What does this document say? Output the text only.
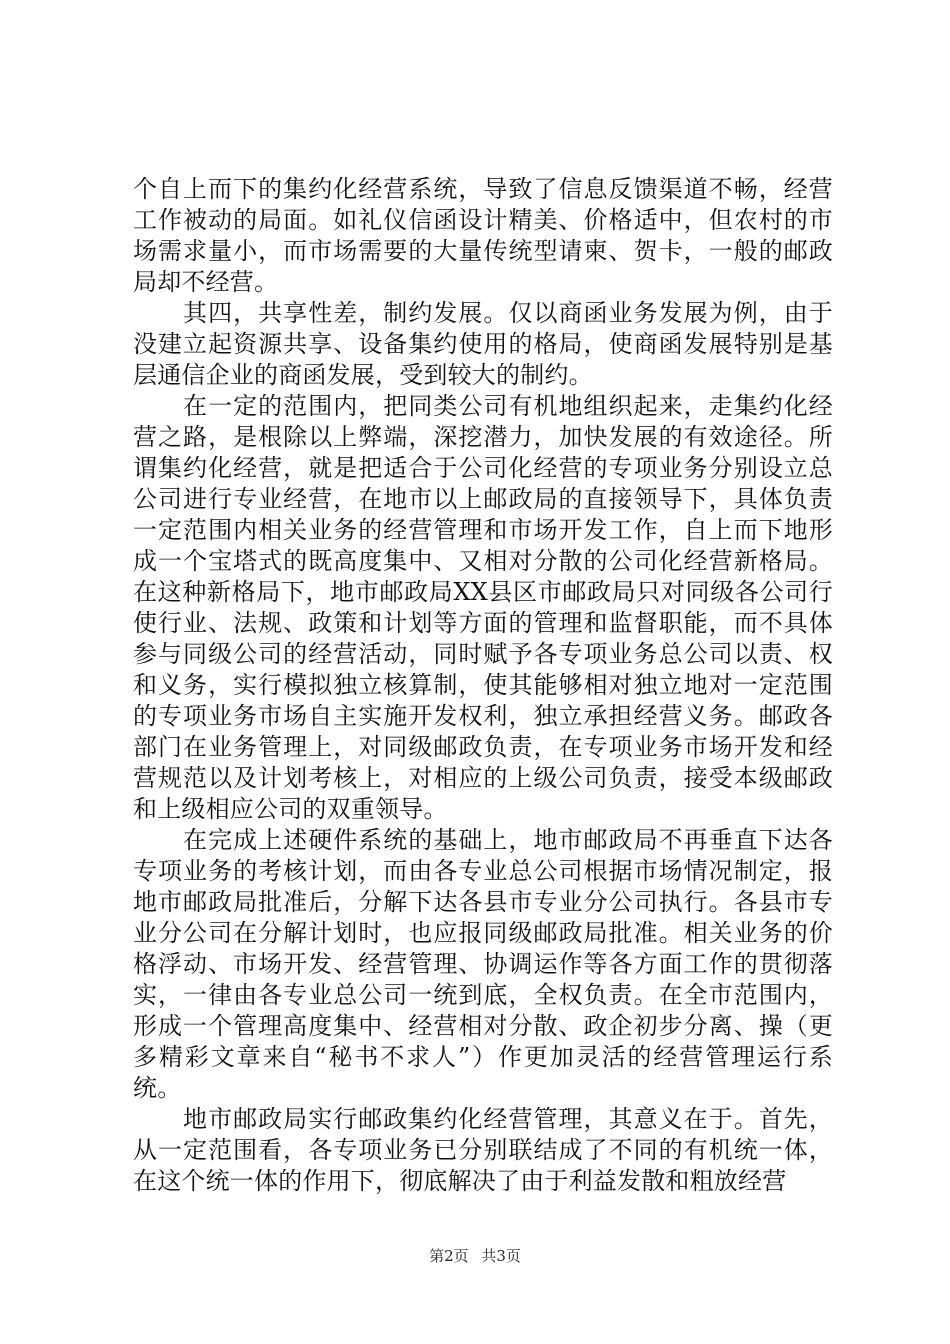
个自上而下的集约化经营系统，导致了信息反馈渠道不畅，经营工作被动的局面。如礼仪信函设计精美、价格适中，但农村的市场需求量小，而市场需要的大量传统型请柬、贺卡，一般的邮政局却不经营。

　　其四，共享性差，制约发展。仅以商函业务发展为例，由于没建立起资源共享、设备集约使用的格局，使商函发展特别是基层通信企业的商函发展，受到较大的制约。

　　在一定的范围内，把同类公司有机地组织起来，走集约化经营之路，是根除以上弊端，深挖潜力，加快发展的有效途径。所谓集约化经营，就是把适合于公司化经营的专项业务分别设立总公司进行专业经营，在地市以上邮政局的直接领导下，具体负责一定范围内相关业务的经营管理和市场开发工作，自上而下地形成一个宝塔式的既高度集中、又相对分散的公司化经营新格局。在这种新格局下，地市邮政局XX县区市邮政局只对同级各公司行使行业、法规、政策和计划等方面的管理和监督职能，而不具体参与同级公司的经营活动，同时赋予各专项业务总公司以责、权和义务，实行模拟独立核算制，使其能够相对独立地对一定范围的专项业务市场自主实施开发权利，独立承担经营义务。邮政各部门在业务管理上，对同级邮政负责，在专项业务市场开发和经营规范以及计划考核上，对相应的上级公司负责，接受本级邮政和上级相应公司的双重领导。

　　在完成上述硬件系统的基础上，地市邮政局不再垂直下达各专项业务的考核计划，而由各专业总公司根据市场情况制定，报地市邮政局批准后，分解下达各县市专业分公司执行。各县市专业分公司在分解计划时，也应报同级邮政局批准。相关业务的价格浮动、市场开发、经营管理、协调运作等各方面工作的贯彻落实，一律由各专业总公司一统到底，全权负责。在全市范围内，形成一个管理高度集中、经营相对分散、政企初步分离、操（更多精彩文章来自“秘书不求人”）作更加灵活的经营管理运行系统。

　　地市邮政局实行邮政集约化经营管理，其意义在于。首先，从一定范围看，各专项业务已分别联结成了不同的有机统一体，在这个统一体的作用下，彻底解决了由于利益发散和粗放经营

第2页 共3页
